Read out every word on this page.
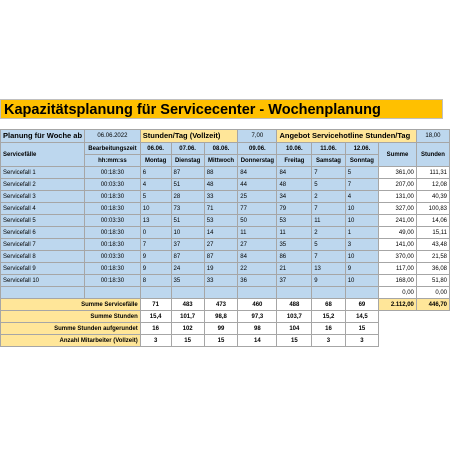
Kapazitätsplanung für Servicecenter - Wochenplanung
Planung für Woche ab	06.06.2022	Stunden/Tag (Vollzeit)			7,00	Angebot Servicehotline Stunden/Tag				18,00
Servicefälle	Bearbeitungszeit	06.06.	07.06.	08.06.	09.06.	10.06.	11.06.	12.06.	Summe	Stunden
	hh:mm:ss	Montag	Dienstag	Mittwoch	Donnerstag	Freitag	Samstag	Sonntag		
Servicefall 1	00:18:30	6	87	88	84	84	7	5	361,00	111,31
Servicefall 2	00:03:30	4	51	48	44	48	5	7	207,00	12,08
Servicefall 3	00:18:30	5	28	33	25	34	2	4	131,00	40,39
Servicefall 4	00:18:30	10	73	71	77	79	7	10	327,00	100,83
Servicefall 5	00:03:30	13	51	53	50	53	11	10	241,00	14,06
Servicefall 6	00:18:30	0	10	14	11	11	2	1	49,00	15,11
Servicefall 7	00:18:30	7	37	27	27	35	5	3	141,00	43,48
Servicefall 8	00:03:30	9	87	87	84	86	7	10	370,00	21,58
Servicefall 9	00:18:30	9	24	19	22	21	13	9	117,00	36,08
Servicefall 10	00:18:30	8	35	33	36	37	9	10	168,00	51,80
									0,00	0,00
Summe Servicefälle		71	483	473	460	488	68	69	2.112,00	446,70
Summe Stunden		15,4	101,7	98,8	97,3	103,7	15,2	14,5		
Summe Stunden aufgerundet		16	102	99	98	104	16	15		
Anzahl Mitarbeiter (Vollzeit)		3	15	15	14	15	3	3		
